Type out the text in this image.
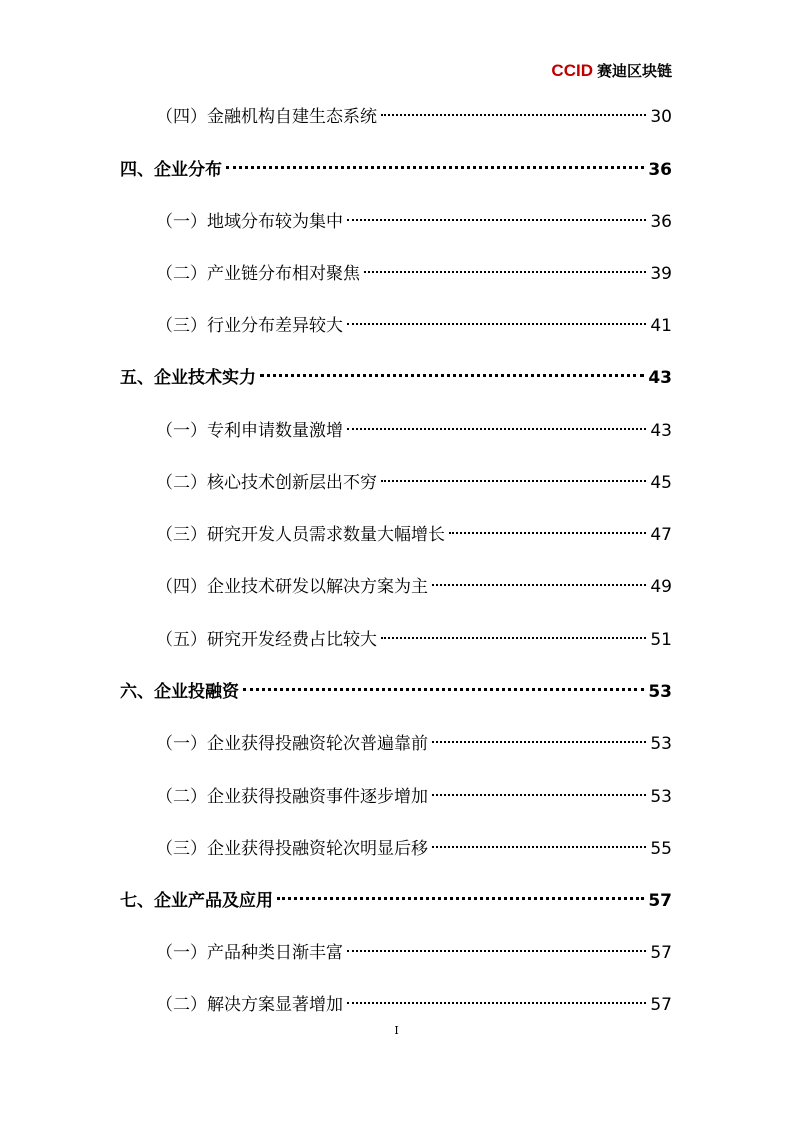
CCID 赛迪区块链
（四）金融机构自建生态系统	30
四、企业分布	36
（一）地域分布较为集中	36
（二）产业链分布相对聚焦	39
（三）行业分布差异较大	41
五、企业技术实力	43
（一）专利申请数量激增	43
（二）核心技术创新层出不穷	45
（三）研究开发人员需求数量大幅增长	47
（四）企业技术研发以解决方案为主	49
（五）研究开发经费占比较大	51
六、企业投融资	53
（一）企业获得投融资轮次普遍靠前	53
（二）企业获得投融资事件逐步增加	53
（三）企业获得投融资轮次明显后移	55
七、企业产品及应用	57
（一）产品种类日渐丰富	57
（二）解决方案显著增加	57
I
